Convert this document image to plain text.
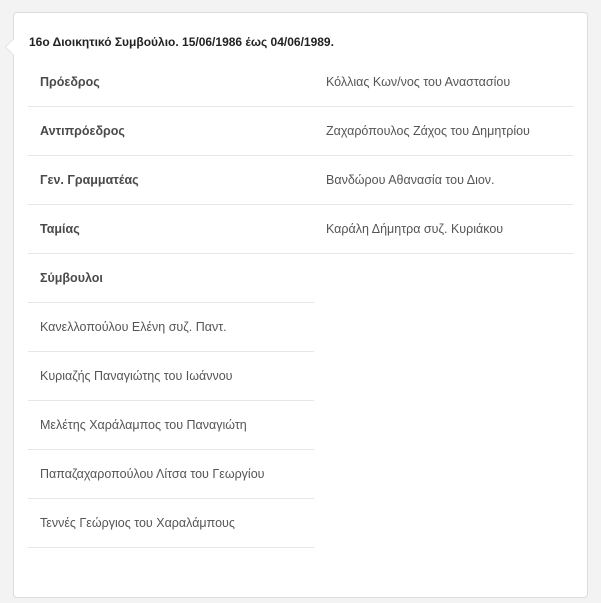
16ο Διοικητικό Συμβούλιο. 15/06/1986 έως 04/06/1989.
Πρόεδρος	Κόλλιας Κων/νος του Αναστασίου
Αντιπρόεδρος	Ζαχαρόπουλος Ζάχος του Δημητρίου
Γεν. Γραμματέας	Βανδώρου Αθανασία του Διον.
Ταμίας	Καράλη Δήμητρα συζ. Κυριάκου
Σύμβουλοι
Κανελλοπούλου Ελένη συζ. Παντ.
Κυριαζής Παναγιώτης του Ιωάννου
Μελέτης Χαράλαμπος του Παναγιώτη
Παπαζαχαροπούλου Λίτσα του Γεωργίου
Τεννές Γεώργιος του Χαραλάμπους
